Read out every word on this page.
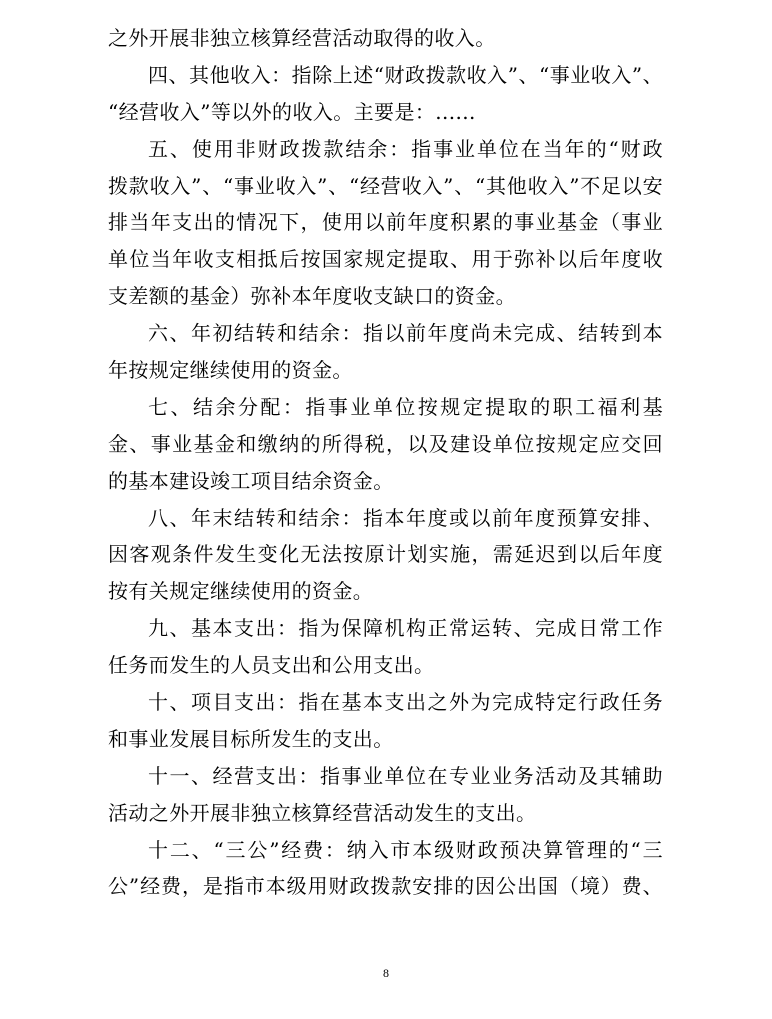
之外开展非独立核算经营活动取得的收入。
四、其他收入：指除上述“财政拨款收入”、“事业收入”、
“经营收入”等以外的收入。主要是：......
五、使用非财政拨款结余：指事业单位在当年的“财政
拨款收入”、“事业收入”、“经营收入”、“其他收入”不足以安
排当年支出的情况下，使用以前年度积累的事业基金（事业
单位当年收支相抵后按国家规定提取、用于弥补以后年度收
支差额的基金）弥补本年度收支缺口的资金。
六、年初结转和结余：指以前年度尚未完成、结转到本
年按规定继续使用的资金。
七、结余分配：指事业单位按规定提取的职工福利基
金、事业基金和缴纳的所得税，以及建设单位按规定应交回
的基本建设竣工项目结余资金。
八、年末结转和结余：指本年度或以前年度预算安排、
因客观条件发生变化无法按原计划实施，需延迟到以后年度
按有关规定继续使用的资金。
九、基本支出：指为保障机构正常运转、完成日常工作
任务而发生的人员支出和公用支出。
十、项目支出：指在基本支出之外为完成特定行政任务
和事业发展目标所发生的支出。
十一、经营支出：指事业单位在专业业务活动及其辅助
活动之外开展非独立核算经营活动发生的支出。
十二、“三公”经费：纳入市本级财政预决算管理的“三
公”经费，是指市本级用财政拨款安排的因公出国（境）费、
8
